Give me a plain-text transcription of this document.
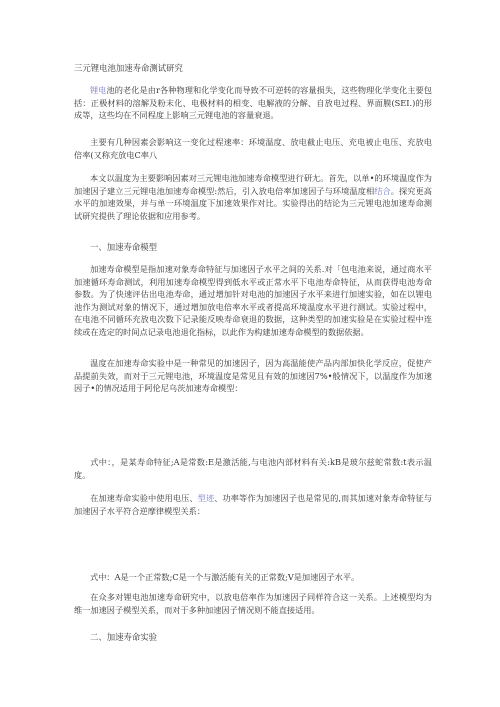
三元锂电池加速寿命测试研究

锂电池的老化是由r各种物理和化学变化而导致不可逆转的容量损失，这些物理化学变化主要包括：正极材料的溶解及粉末化、电极材料的相变、电解液的分解、自放电过程、界面膜(SEI.)的形成等，这些均在不同程度上影响三元锂电池的容量衰退。

主要有几种因素会影响这一变化过程速率：环境温度、放电截止电压、充电被止电压、充放电倍率(又称充放电C率八

本文以温度为主要影响因素对三元锂电池加速寿命模型进行研尢。首先，以单•的环境温度作为加速因子建立三元锂电池加速寿命模型:然后，引入放电倍率加速因子与环境温度相结合。探究更高水平的加速效果，并与单一环境温度下加速效果作对比。实验得出的结论为三元锂电池加速寿命测试研究提供了理论依据和应用参考。

一、加速寿命模型

加速寿命模型是指加速对象寿命特征与加速因子水平之间的关系.对「包电池来说，通过商水平加速循环寿命测试，利用加速寿命模型得到低水平或正常水平下电池寿命特征，从而获得电池寿命参数。为了快速评估出电池寿命，通过增加针对电池的加速因子水平来进行加速实验，如在以锂电池作为测试对象的情况下，通过增加放电倍率水平或者提高环境温度水平进行测试。实验过程中，在电池不同循环充放电次数下记录能反映寿命衰退的数据，这种类型的加速实验是在实验过程中连续或在选定的时间点记录电池退化指标，以此作为构建加速寿命模型的数据依据。

温度在加速寿命实验中是一种常见的加速因子，因为高温能使产品内部加快化学反应，促使产品提前失效，而对于三元锂电池，环境温度是常见且有效的加速因7%•般情况下，以温度作为加速因子•的情况适用于阿伦尼乌茨加速寿命模型：

式中：，是某寿命特征;A是常数:E是激活能,与电池内部材料有关:kB是玻尔兹蛇常数:t表示温度。

在加速寿命实验中使用电压、型迹、功率等作为加速因子也是常见的,而其加速对象寿命特征与加速因子水平符合逆摩律模型关系：

式中：A是一个正常数;C是一个与激活能有关的正常数;V是加速因子水平。

在众多对锂电池加速寿命研究中，以放电倍率作为加速因子同样符合这一关系。上述模型均为维一加速因子模型关系，而对于多种加速因子情况则不能直接适用。

二、加速寿命实验
